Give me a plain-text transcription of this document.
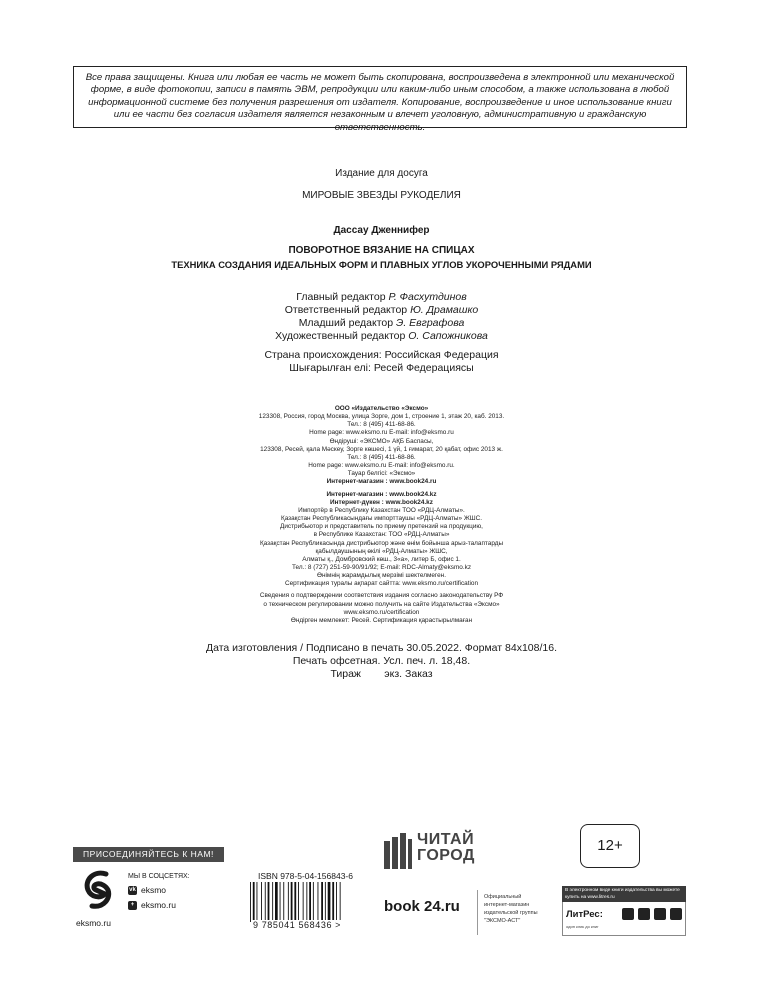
Все права защищены. Книга или любая ее часть не может быть скопирована, воспроизведена в электронной или механической форме, в виде фотокопии, записи в память ЭВМ, репродукции или каким-либо иным способом, а также использована в любой информационной системе без получения разрешения от издателя. Копирование, воспроизведение и иное использование книги или ее части без согласия издателя является незаконным и влечет уголовную, административную и гражданскую ответственность.
Издание для досуга
МИРОВЫЕ ЗВЕЗДЫ РУКОДЕЛИЯ
Дассау Дженнифер
ПОВОРОТНОЕ ВЯЗАНИЕ НА СПИЦАХ
ТЕХНИКА СОЗДАНИЯ ИДЕАЛЬНЫХ ФОРМ И ПЛАВНЫХ УГЛОВ УКОРОЧЕННЫМИ РЯДАМИ
Главный редактор Р. Фасхутдинов
Ответственный редактор Ю. Драмашко
Младший редактор Э. Евграфова
Художественный редактор О. Сапожникова
Страна происхождения: Российская Федерация
Шығарылған елі: Ресей Федерациясы
ООО «Издательство «Эксмо»
123308, Россия, город Москва, улица Зорге, дом 1, строение 1, этаж 20, каб. 2013.
Тел.: 8 (495) 411-68-86.
Home page: www.eksmo.ru E-mail: info@eksmo.ru
Өндіруші: «ЭКСМО» АҚБ Баспасы,
123308, Ресей, қала Мәскеу, Зорге көшесі, 1 үй, 1 ғимарат, 20 қабат, офис 2013 ж.
Тел.: 8 (495) 411-68-86.
Home page: www.eksmo.ru E-mail: info@eksmo.ru.
Тауар белгісі: «Эксмо»
Интернет-магазин : www.book24.ru
Интернет-магазин : www.book24.kz
Интернет-дүкен : www.book24.kz
Импортёр в Республику Казахстан ТОО «РДЦ-Алматы».
Қазақстан Республикасындағы импорттаушы «РДЦ-Алматы» ЖШС.
Дистрибьютор и представитель по приему претензий на продукцию,
в Республике Казахстан: ТОО «РДЦ-Алматы»
Қазақстан Республикасында дистрибьютор және өнім бойынша арыз-талаптарды
қабылдаушының өкілі «РДЦ-Алматы» ЖШС,
Алматы қ., Домбровский көш., 3«а», литер Б, офис 1.
Тел.: 8 (727) 251-59-90/91/92; E-mail: RDC-Almaty@eksmo.kz
Өнімнің жарамдылық мерзімі шектелмеген.
Сертификация туралы ақпарат сайтта: www.eksmo.ru/certification
Сведения о подтверждении соответствия издания согласно законодательству РФ
о техническом регулировании можно получить на сайте Издательства «Эксмо»
www.eksmo.ru/certification
Өндірген мемлекет: Ресей. Сертификация қарастырылмаған
Дата изготовления / Подписано в печать 30.05.2022. Формат 84x108/16.
Печать офсетная. Усл. печ. л. 18,48.
Тираж        экз. Заказ
ПРИСОЕДИНЯЙТЕСЬ К НАМ!
eksmo.ru
МЫ В СОЦСЕТЯХ:
vk eksmo
+ eksmo.ru
ISBN 978-5-04-156843-6
9 785041 568436 >
ЧИТАЙ
ГОРОД
12+
book 24.ru
Официальный
интернет-магазин
издательской группы
"ЭКСМО-АСТ"
В электронном виде книги издательства вы можете купить на www.litres.ru
ЛитРес:
один клик до книг
